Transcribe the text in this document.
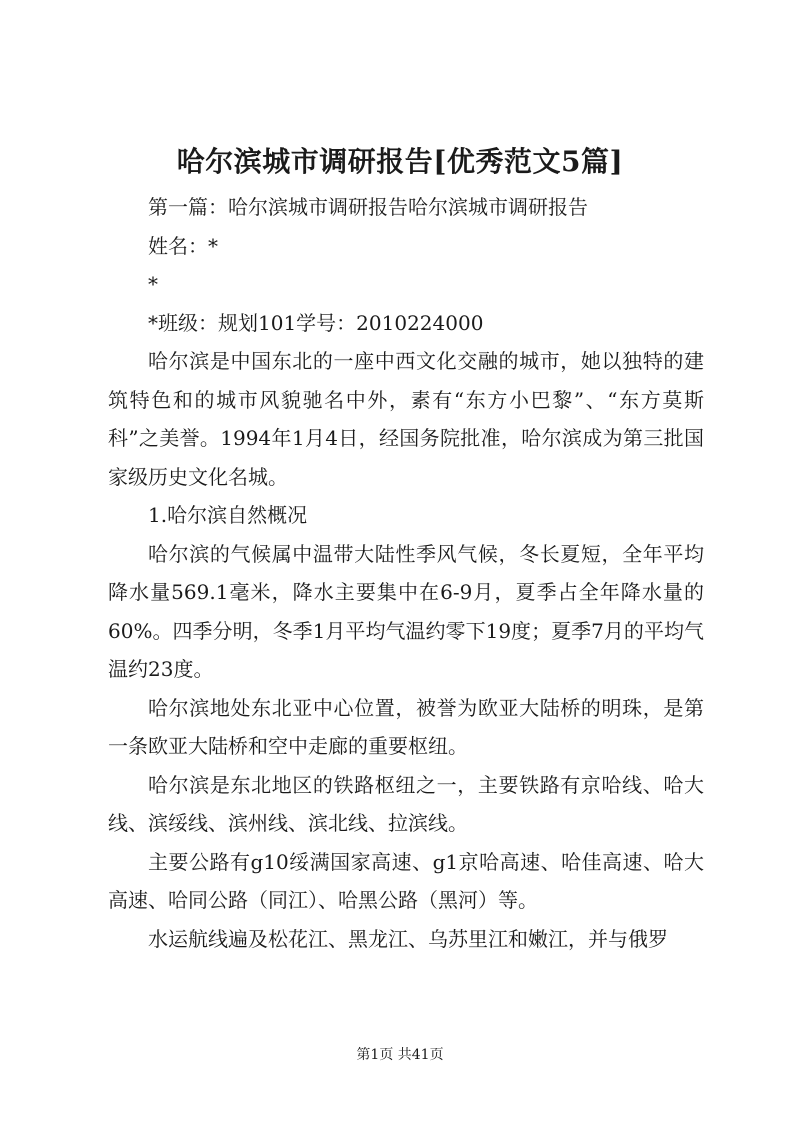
哈尔滨城市调研报告[优秀范文5篇]

第一篇：哈尔滨城市调研报告哈尔滨城市调研报告

姓名：*

*

*班级：规划101学号：2010224000

哈尔滨是中国东北的一座中西文化交融的城市，她以独特的建筑特色和的城市风貌驰名中外，素有“东方小巴黎”、“东方莫斯科”之美誉。1994年1月4日，经国务院批准，哈尔滨成为第三批国家级历史文化名城。

1.哈尔滨自然概况

哈尔滨的气候属中温带大陆性季风气候，冬长夏短，全年平均降水量569.1毫米，降水主要集中在6-9月，夏季占全年降水量的60%。四季分明，冬季1月平均气温约零下19度；夏季7月的平均气温约23度。

哈尔滨地处东北亚中心位置，被誉为欧亚大陆桥的明珠，是第一条欧亚大陆桥和空中走廊的重要枢纽。

哈尔滨是东北地区的铁路枢纽之一，主要铁路有京哈线、哈大线、滨绥线、滨州线、滨北线、拉滨线。

主要公路有g10绥满国家高速、g1京哈高速、哈佳高速、哈大高速、哈同公路（同江）、哈黑公路（黑河）等。

水运航线遍及松花江、黑龙江、乌苏里江和嫩江，并与俄罗

第1页 共41页
